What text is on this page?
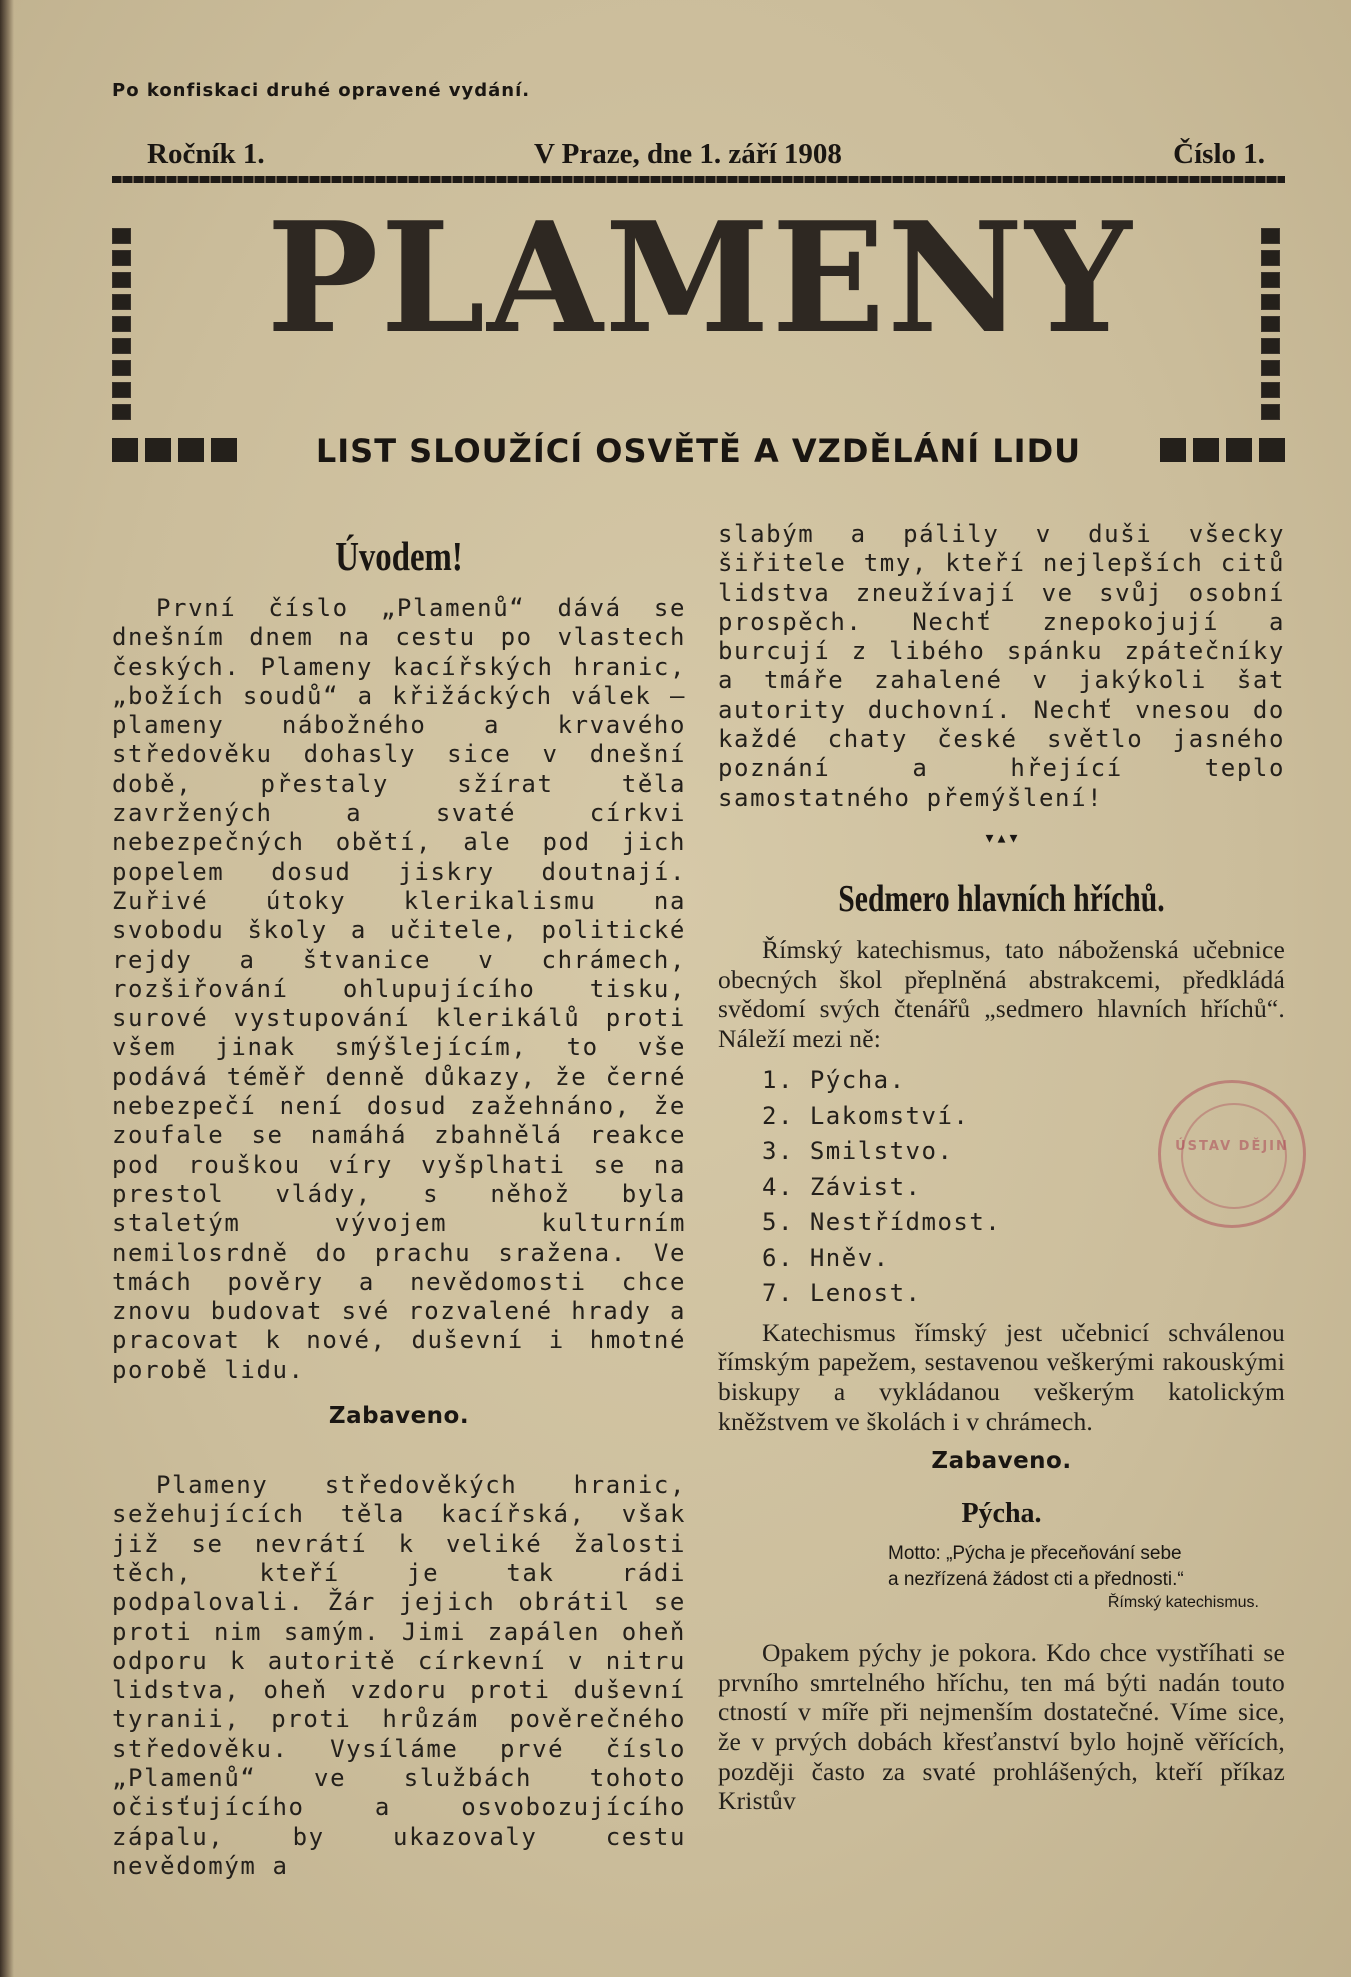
Po konfiskaci druhé opravené vydání.
Ročník 1.	V Praze, dne 1. září 1908	Číslo 1.
PLAMENY
LIST SLOUŽÍCÍ OSVĚTĚ A VZDĚLÁNÍ LIDU
Úvodem!

První číslo „Plamenů“ dává se dnešním dnem na cestu po vlastech českých. Plameny kacířských hranic, „božích soudů“ a křižáckých válek — plameny nábožného a krvavého středověku dohasly sice v dnešní době, přestaly sžírat těla zavržených a svaté církvi nebezpečných obětí, ale pod jich popelem dosud jiskry doutnají. Zuřivé útoky klerikalismu na svobodu školy a učitele, politické rejdy a štvanice v chrámech, rozšiřování ohlupujícího tisku, surové vystupování klerikálů proti všem jinak smýšlejícím, to vše podává téměř denně důkazy, že černé nebezpečí není dosud zažehnáno, že zoufale se namáhá zbahnělá reakce pod rouškou víry vyšplhati se na prestol vlády, s něhož byla staletým vývojem kulturním nemilosrdně do prachu sražena. Ve tmách pověry a nevědomosti chce znovu budovat své rozvalené hrady a pracovat k nové, duševní i hmotné porobě lidu.

Zabaveno.

Plameny středověkých hranic, sežehujících těla kacířská, však již se nevrátí k veliké žalosti těch, kteří je tak rádi podpalovali. Žár jejich obrátil se proti nim samým. Jimi zapálen oheň odporu k autoritě církevní v nitru lidstva, oheň vzdoru proti duševní tyranii, proti hrůzám pověrečného středověku. Vysíláme prvé číslo „Plamenů“ ve službách tohoto očisťujícího a osvobozujícího zápalu, by ukazovaly cestu nevědomým a

slabým a pálily v duši všecky šiřitele tmy, kteří nejlepších citů lidstva zneužívají ve svůj osobní prospěch. Nechť znepokojují a burcují z libého spánku zpátečníky a tmáře zahalené v jakýkoli šat autority duchovní. Nechť vnesou do každé chaty české světlo jasného poznání a hřející teplo samostatného přemýšlení!

▾▴▾
Sedmero hlavních hříchů.

Římský katechismus, tato náboženská učebnice obecných škol přeplněná abstrakcemi, předkládá svědomí svých čtenářů „sedmero hlavních hříchů“. Náleží mezi ně:

1. Pýcha.
2. Lakomství.
3. Smilstvo.
4. Závist.
5. Nestřídmost.
6. Hněv.
7. Lenost.

Katechismus římský jest učebnicí schválenou římským papežem, sestavenou veškerými rakouskými biskupy a vykládanou veškerým katolickým kněžstvem ve školách i v chrámech.

Zabaveno.
Pýcha.
Motto: „Pýcha je přeceňování sebe
a nezřízená žádost cti a přednosti.“
Římský katechismus.

Opakem pýchy je pokora. Kdo chce vystříhati se prvního smrtelného hříchu, ten má býti nadán touto ctností v míře při nejmenším dostatečné. Víme sice, že v prvých dobách křesťanství bylo hojně věřících, později často za svaté prohlášených, kteří příkaz Kristův

ÚSTAV DĚJIN
